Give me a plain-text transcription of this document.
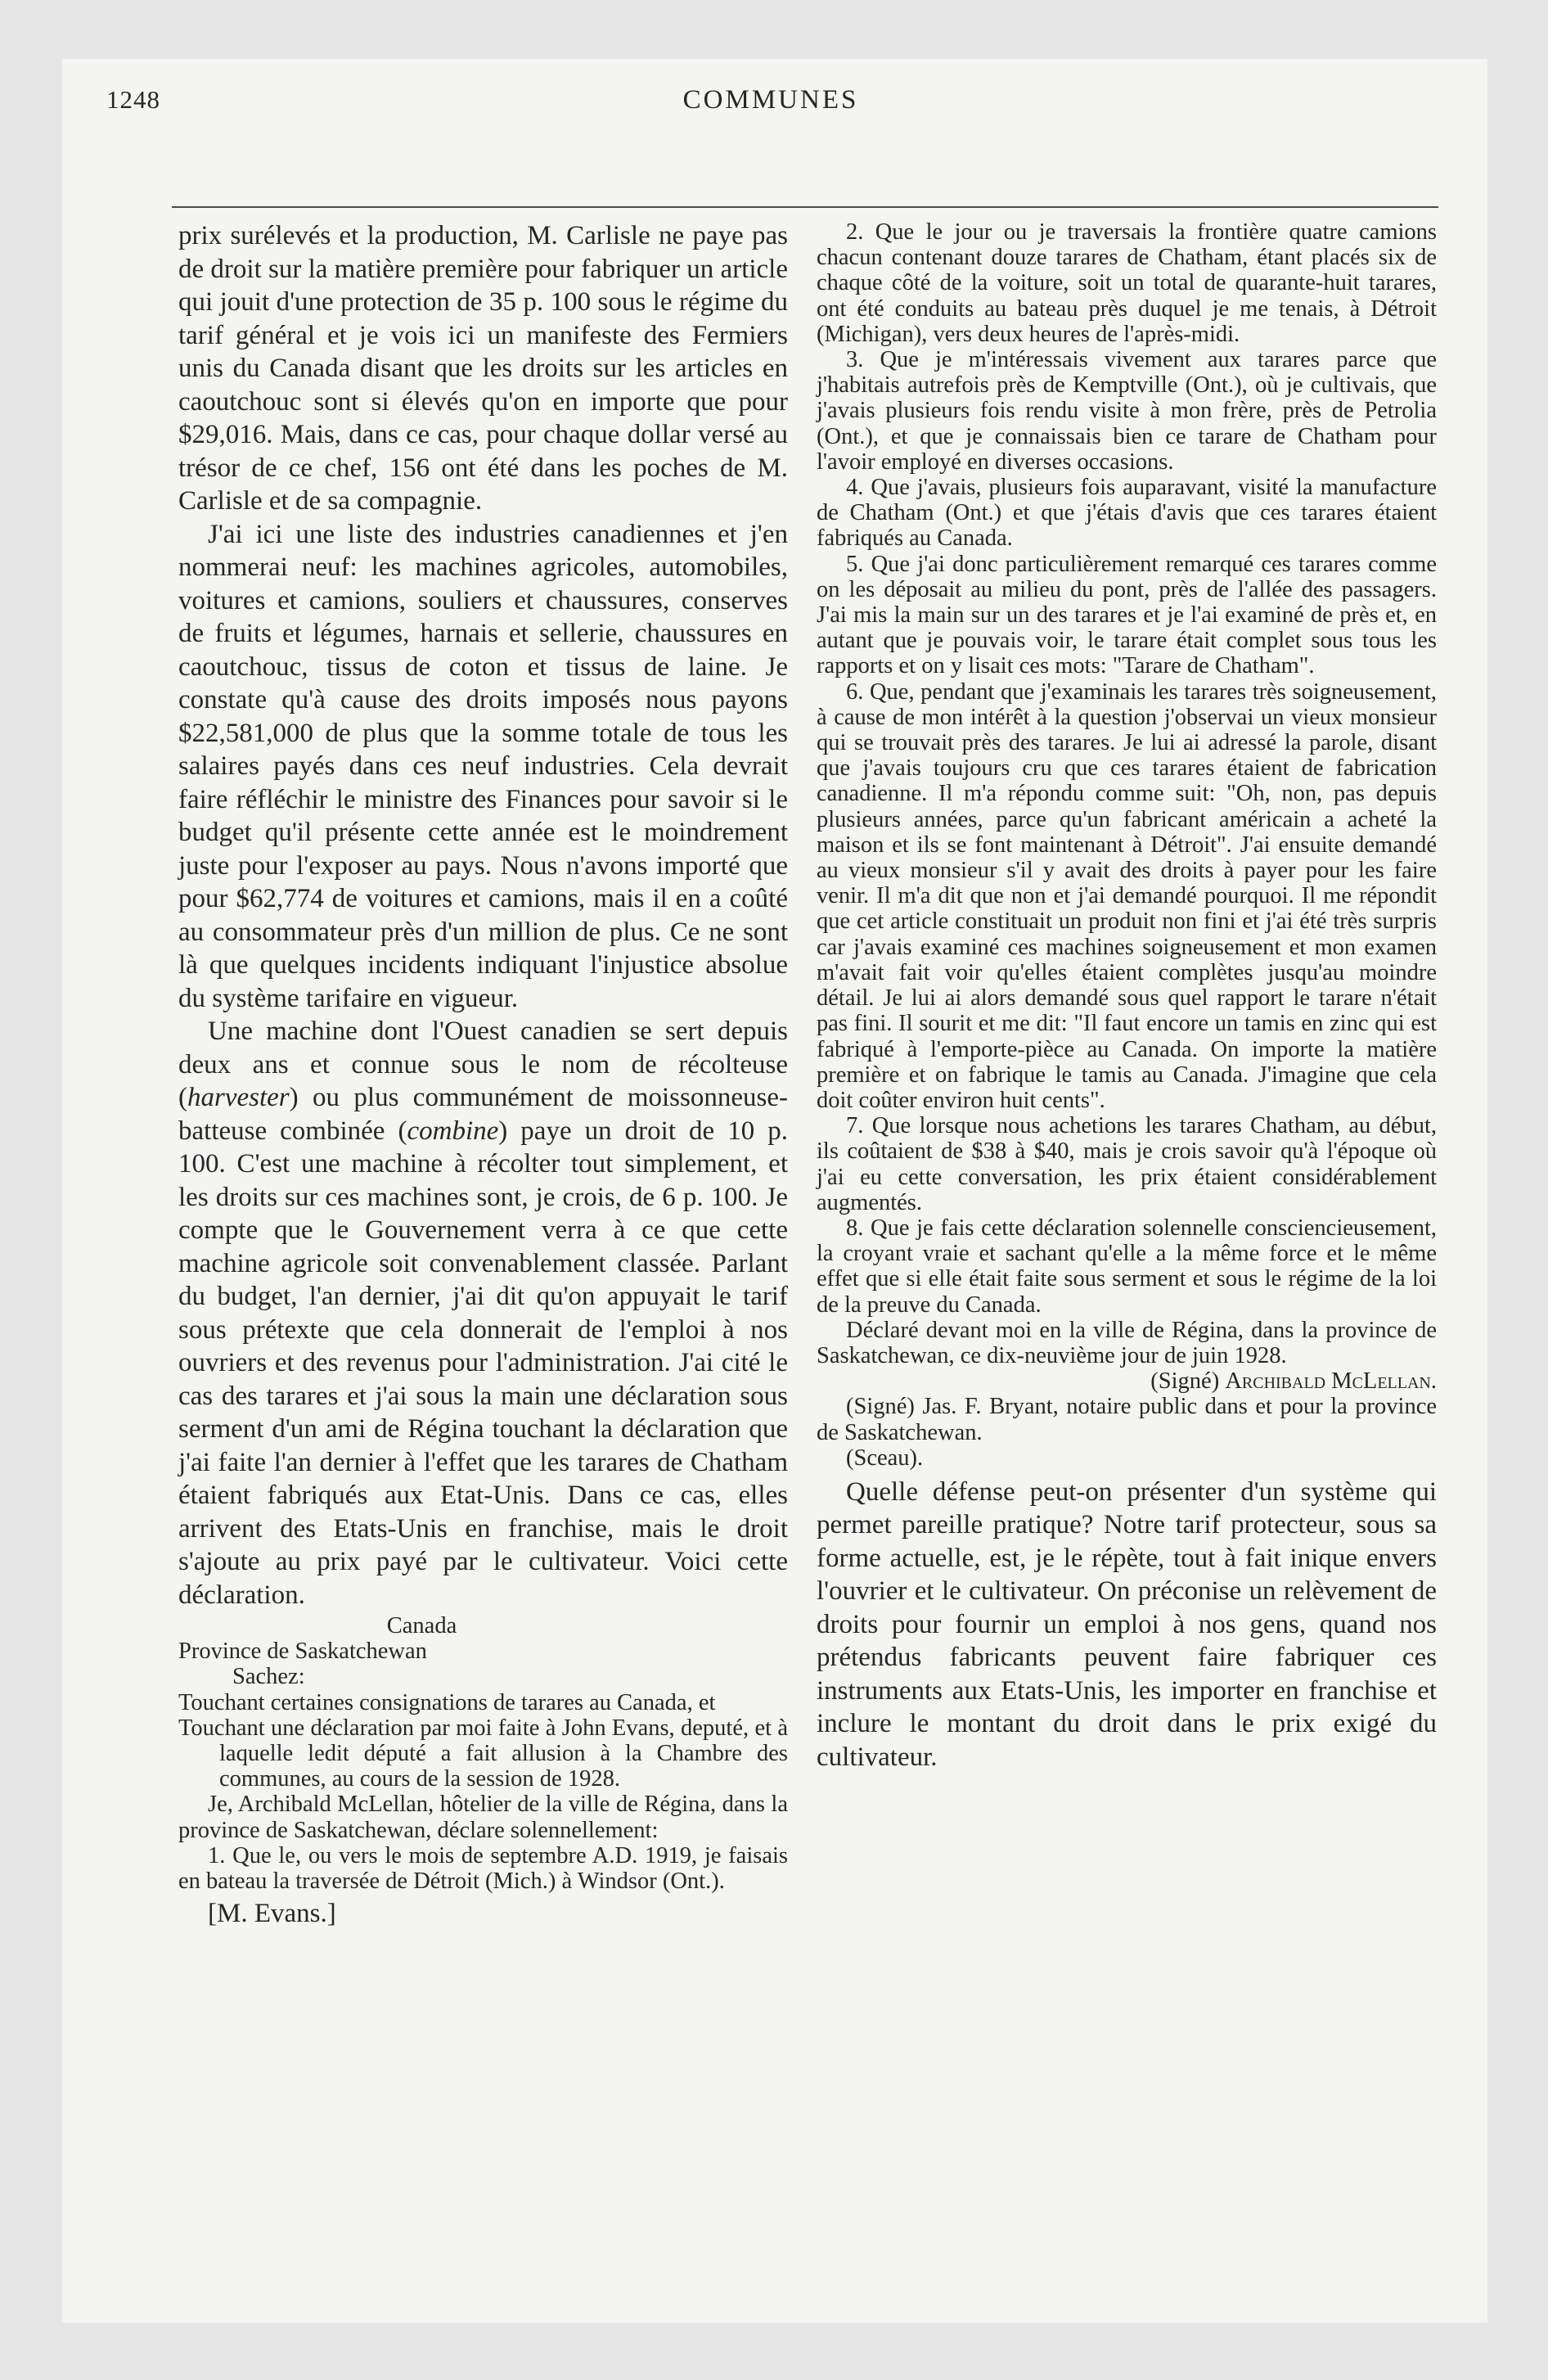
1248	COMMUNES

prix surélevés et la production, M. Carlisle ne paye pas de droit sur la matière première pour fabriquer un article qui jouit d'une protection de 35 p. 100 sous le régime du tarif général et je vois ici un manifeste des Fermiers unis du Canada disant que les droits sur les articles en caoutchouc sont si élevés qu'on en importe que pour $29,016. Mais, dans ce cas, pour chaque dollar versé au trésor de ce chef, 156 ont été dans les poches de M. Carlisle et de sa compagnie.

J'ai ici une liste des industries canadiennes et j'en nommerai neuf: les machines agricoles, automobiles, voitures et camions, souliers et chaussures, conserves de fruits et légumes, harnais et sellerie, chaussures en caoutchouc, tissus de coton et tissus de laine. Je constate qu'à cause des droits imposés nous payons $22,581,000 de plus que la somme totale de tous les salaires payés dans ces neuf industries. Cela devrait faire réfléchir le ministre des Finances pour savoir si le budget qu'il présente cette année est le moindrement juste pour l'exposer au pays. Nous n'avons importé que pour $62,774 de voitures et camions, mais il en a coûté au consommateur près d'un million de plus. Ce ne sont là que quelques incidents indiquant l'injustice absolue du système tarifaire en vigueur.

Une machine dont l'Ouest canadien se sert depuis deux ans et connue sous le nom de récolteuse (harvester) ou plus communément de moissonneuse-batteuse combinée (combine) paye un droit de 10 p. 100. C'est une machine à récolter tout simplement, et les droits sur ces machines sont, je crois, de 6 p. 100. Je compte que le Gouvernement verra à ce que cette machine agricole soit convenablement classée. Parlant du budget, l'an dernier, j'ai dit qu'on appuyait le tarif sous prétexte que cela donnerait de l'emploi à nos ouvriers et des revenus pour l'administration. J'ai cité le cas des tarares et j'ai sous la main une déclaration sous serment d'un ami de Régina touchant la déclaration que j'ai faite l'an dernier à l'effet que les tarares de Chatham étaient fabriqués aux Etat-Unis. Dans ce cas, elles arrivent des Etats-Unis en franchise, mais le droit s'ajoute au prix payé par le cultivateur. Voici cette déclaration.

Canada

Province de Saskatchewan

Sachez:

Touchant certaines consignations de tarares au Canada, et

Touchant une déclaration par moi faite à John Evans, deputé, et à laquelle ledit député a fait allusion à la Chambre des communes, au cours de la session de 1928.

Je, Archibald McLellan, hôtelier de la ville de Régina, dans la province de Saskatchewan, déclare solennellement:

1. Que le, ou vers le mois de septembre A.D. 1919, je faisais en bateau la traversée de Détroit (Mich.) à Windsor (Ont.).

[M. Evans.]

2. Que le jour ou je traversais la frontière quatre camions chacun contenant douze tarares de Chatham, étant placés six de chaque côté de la voiture, soit un total de quarante-huit tarares, ont été conduits au bateau près duquel je me tenais, à Détroit (Michigan), vers deux heures de l'après-midi.

3. Que je m'intéressais vivement aux tarares parce que j'habitais autrefois près de Kemptville (Ont.), où je cultivais, que j'avais plusieurs fois rendu visite à mon frère, près de Petrolia (Ont.), et que je connaissais bien ce tarare de Chatham pour l'avoir employé en diverses occasions.

4. Que j'avais, plusieurs fois auparavant, visité la manufacture de Chatham (Ont.) et que j'étais d'avis que ces tarares étaient fabriqués au Canada.

5. Que j'ai donc particulièrement remarqué ces tarares comme on les déposait au milieu du pont, près de l'allée des passagers. J'ai mis la main sur un des tarares et je l'ai examiné de près et, en autant que je pouvais voir, le tarare était complet sous tous les rapports et on y lisait ces mots: "Tarare de Chatham".

6. Que, pendant que j'examinais les tarares très soigneusement, à cause de mon intérêt à la question j'observai un vieux monsieur qui se trouvait près des tarares. Je lui ai adressé la parole, disant que j'avais toujours cru que ces tarares étaient de fabrication canadienne. Il m'a répondu comme suit: "Oh, non, pas depuis plusieurs années, parce qu'un fabricant américain a acheté la maison et ils se font maintenant à Détroit". J'ai ensuite demandé au vieux monsieur s'il y avait des droits à payer pour les faire venir. Il m'a dit que non et j'ai demandé pourquoi. Il me répondit que cet article constituait un produit non fini et j'ai été très surpris car j'avais examiné ces machines soigneusement et mon examen m'avait fait voir qu'elles étaient complètes jusqu'au moindre détail. Je lui ai alors demandé sous quel rapport le tarare n'était pas fini. Il sourit et me dit: "Il faut encore un tamis en zinc qui est fabriqué à l'emporte-pièce au Canada. On importe la matière première et on fabrique le tamis au Canada. J'imagine que cela doit coûter environ huit cents".

7. Que lorsque nous achetions les tarares Chatham, au début, ils coûtaient de $38 à $40, mais je crois savoir qu'à l'époque où j'ai eu cette conversation, les prix étaient considérablement augmentés.

8. Que je fais cette déclaration solennelle consciencieusement, la croyant vraie et sachant qu'elle a la même force et le même effet que si elle était faite sous serment et sous le régime de la loi de la preuve du Canada.

Déclaré devant moi en la ville de Régina, dans la province de Saskatchewan, ce dix-neuvième jour de juin 1928.

(Signé) Archibald McLellan.

(Signé) Jas. F. Bryant, notaire public dans et pour la province de Saskatchewan.

(Sceau).

Quelle défense peut-on présenter d'un système qui permet pareille pratique? Notre tarif protecteur, sous sa forme actuelle, est, je le répète, tout à fait inique envers l'ouvrier et le cultivateur. On préconise un relèvement de droits pour fournir un emploi à nos gens, quand nos prétendus fabricants peuvent faire fabriquer ces instruments aux Etats-Unis, les importer en franchise et inclure le montant du droit dans le prix exigé du cultivateur.
